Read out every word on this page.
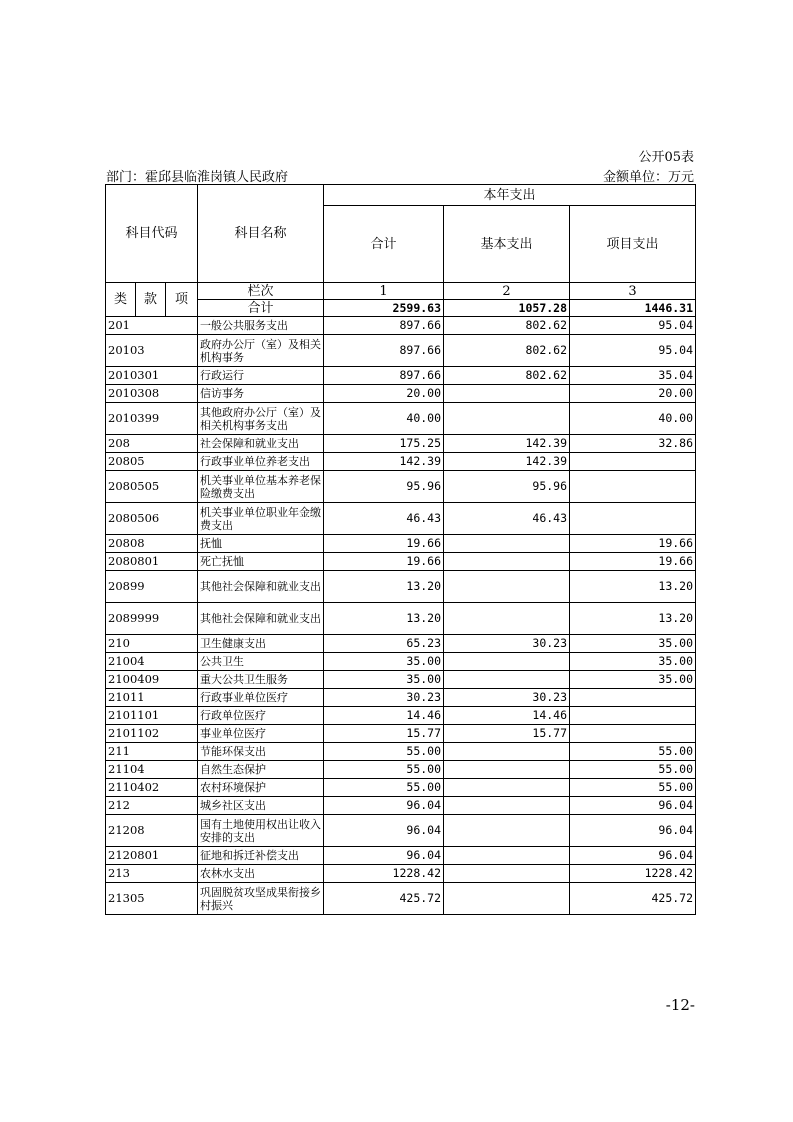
公开05表
部门：霍邱县临淮岗镇人民政府	金额单位：万元
科目代码			科目名称	本年支出		
				合计	基本支出	项目支出
类	款	项	栏次	1	2	3
			合计	2599.63	1057.28	1446.31
201			一般公共服务支出	897.66	802.62	95.04
20103			政府办公厅（室）及相关机构事务	897.66	802.62	95.04
2010301			行政运行	897.66	802.62	35.04
2010308			信访事务	20.00		20.00
2010399			其他政府办公厅（室）及相关机构事务支出	40.00		40.00
208			社会保障和就业支出	175.25	142.39	32.86
20805			行政事业单位养老支出	142.39	142.39	
2080505			机关事业单位基本养老保险缴费支出	95.96	95.96	
2080506			机关事业单位职业年金缴费支出	46.43	46.43	
20808			抚恤	19.66		19.66
2080801			死亡抚恤	19.66		19.66
20899			其他社会保障和就业支出	13.20		13.20
2089999			其他社会保障和就业支出	13.20		13.20
210			卫生健康支出	65.23	30.23	35.00
21004			公共卫生	35.00		35.00
2100409			重大公共卫生服务	35.00		35.00
21011			行政事业单位医疗	30.23	30.23	
2101101			行政单位医疗	14.46	14.46	
2101102			事业单位医疗	15.77	15.77	
211			节能环保支出	55.00		55.00
21104			自然生态保护	55.00		55.00
2110402			农村环境保护	55.00		55.00
212			城乡社区支出	96.04		96.04
21208			国有土地使用权出让收入安排的支出	96.04		96.04
2120801			征地和拆迁补偿支出	96.04		96.04
213			农林水支出	1228.42		1228.42
21305			巩固脱贫攻坚成果衔接乡村振兴	425.72		425.72
-12-
